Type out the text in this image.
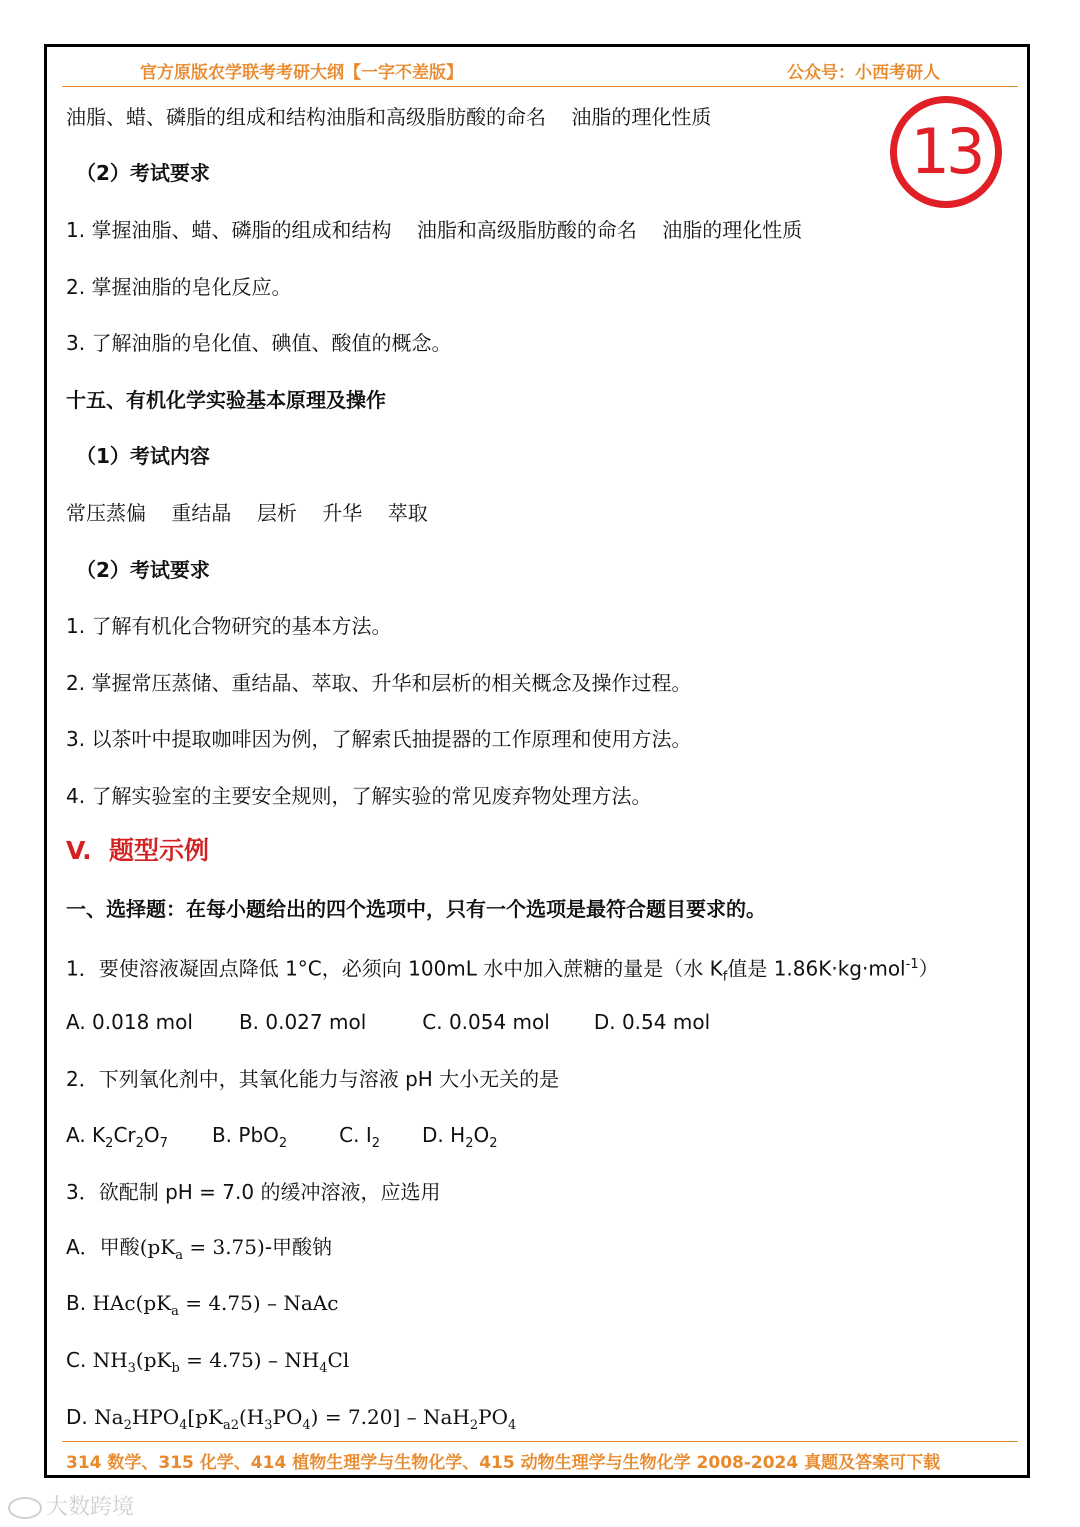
官方原版农学联考考研大纲【一字不差版】	公众号：小西考研人
13
油脂、蜡、磷脂的组成和结构油脂和高级脂肪酸的命名    油脂的理化性质
（2）考试要求
1. 掌握油脂、蜡、磷脂的组成和结构    油脂和高级脂肪酸的命名    油脂的理化性质
2. 掌握油脂的皂化反应。
3. 了解油脂的皂化值、碘值、酸值的概念。
十五、有机化学实验基本原理及操作
（1）考试内容
常压蒸偏    重结晶    层析    升华    萃取
（2）考试要求
1. 了解有机化合物研究的基本方法。
2. 掌握常压蒸储、重结晶、萃取、升华和层析的相关概念及操作过程。
3. 以茶叶中提取咖啡因为例，了解索氏抽提器的工作原理和使用方法。
4. 了解实验室的主要安全规则，了解实验的常见废弃物处理方法。
V.  题型示例
一、选择题：在每小题给出的四个选项中，只有一个选项是最符合题目要求的。
1．要使溶液凝固点降低 1°C，必须向 100mL 水中加入蔗糖的量是（水 $K_f$值是 1.86K·kg·mol$^{-1}$）
A. 0.018 mol B. 0.027 mol	C. 0.054 mol D. 0.54 mol
2．下列氧化剂中，其氧化能力与溶液 pH 大小无关的是
A. $K_2Cr_2O_7$ B. PbO$_2$	C. $I_2$ D. $H_2O_2$
3．欲配制 pH = 7.0 的缓冲溶液，应选用
A．甲酸$(pK_a = 3.75)-$甲酸钠
B. $HAc(pK_a = 4.75)$ – NaAc
C. $NH_3(pK_b = 4.75) - NH_4Cl$
D. $Na_2HPO_4[pK_{a2}(H_3PO_4) = 7.20] - NaH_2PO_4$
314 数学、315 化学、414 植物生理学与生物化学、415 动物生理学与生物化学 2008-2024 真题及答案可下载
大数跨境
